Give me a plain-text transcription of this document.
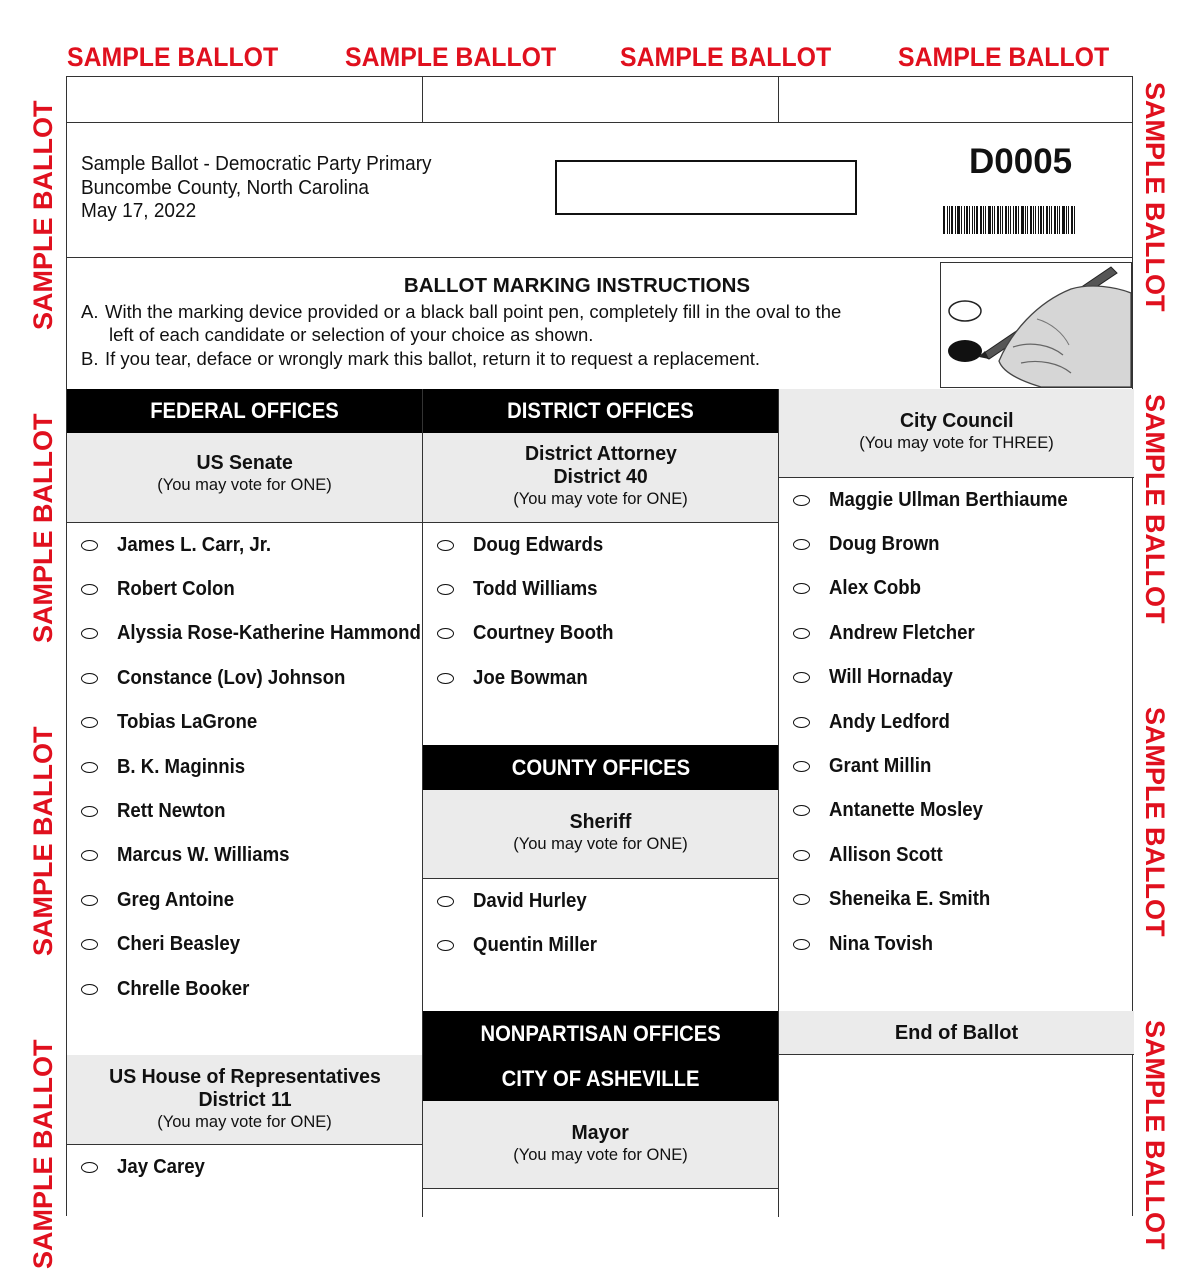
SAMPLE BALLOT SAMPLE BALLOT SAMPLE BALLOT SAMPLE BALLOT
SAMPLE BALLOT
SAMPLE BALLOT
SAMPLE BALLOT
SAMPLE BALLOT
SAMPLE BALLOT
SAMPLE BALLOT
SAMPLE BALLOT
SAMPLE BALLOT
Sample Ballot - Democratic Party Primary
Buncombe County, North Carolina
May 17, 2022
D0005
BALLOT MARKING INSTRUCTIONS
A. With the marking device provided or a black ball point pen, completely fill in the oval to the
left of each candidate or selection of your choice as shown.
B. If you tear, deface or wrongly mark this ballot, return it to request a replacement.
FEDERAL OFFICES
US Senate
(You may vote for ONE)
James L. Carr, Jr.
Robert Colon
Alyssia Rose-Katherine Hammond
Constance (Lov) Johnson
Tobias LaGrone
B. K. Maginnis
Rett Newton
Marcus W. Williams
Greg Antoine
Cheri Beasley
Chrelle Booker
US House of Representatives
District 11
(You may vote for ONE)
Jay Carey
DISTRICT OFFICES
District Attorney
District 40
(You may vote for ONE)
Doug Edwards
Todd Williams
Courtney Booth
Joe Bowman
COUNTY OFFICES
Sheriff
(You may vote for ONE)
David Hurley
Quentin Miller
NONPARTISAN OFFICES
CITY OF ASHEVILLE
Mayor
(You may vote for ONE)
City Council
(You may vote for THREE)
Maggie Ullman Berthiaume
Doug Brown
Alex Cobb
Andrew Fletcher
Will Hornaday
Andy Ledford
Grant Millin
Antanette Mosley
Allison Scott
Sheneika E. Smith
Nina Tovish
End of Ballot
